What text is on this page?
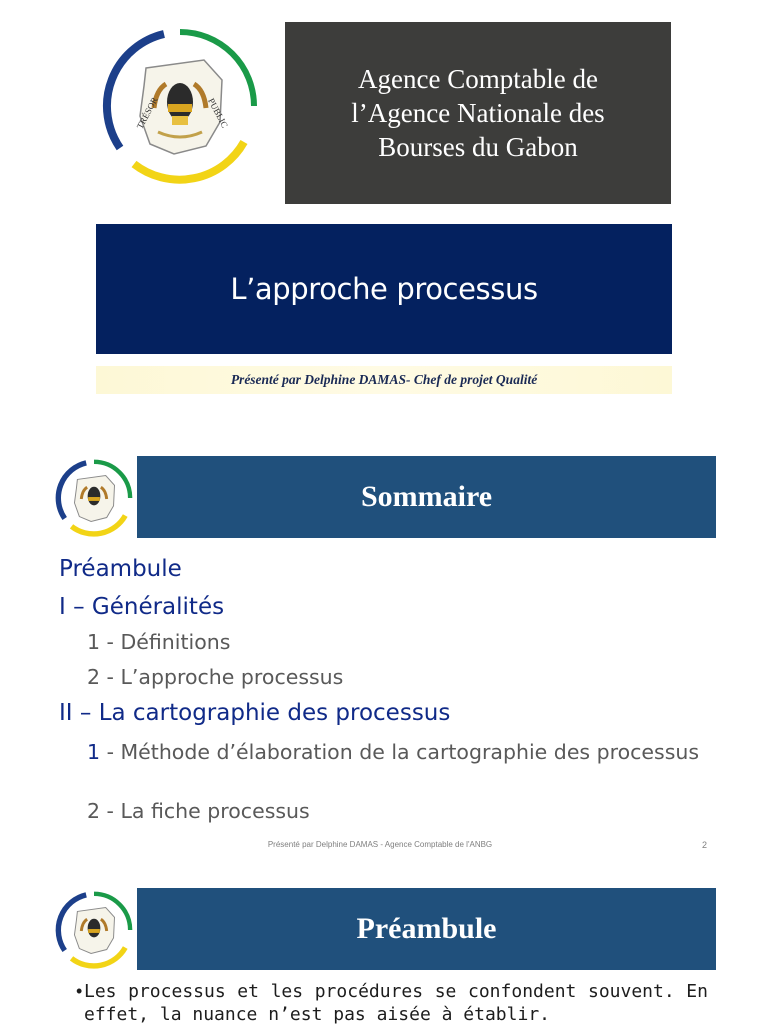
TRÉSOR	PUBLIC
Agence Comptable de l’Agence Nationale des Bourses du Gabon
L’approche processus
Présenté par Delphine DAMAS- Chef de projet Qualité
Sommaire
Préambule
I – Généralités
1 - Définitions
2 - L’approche processus
II – La cartographie des processus
1 - Méthode d’élaboration de la cartographie des processus
2 - La fiche processus
Présenté par Delphine DAMAS - Agence Comptable de l'ANBG	2
Préambule
• Les processus et les procédures se confondent souvent. En effet, la nuance n’est pas aisée à établir.
